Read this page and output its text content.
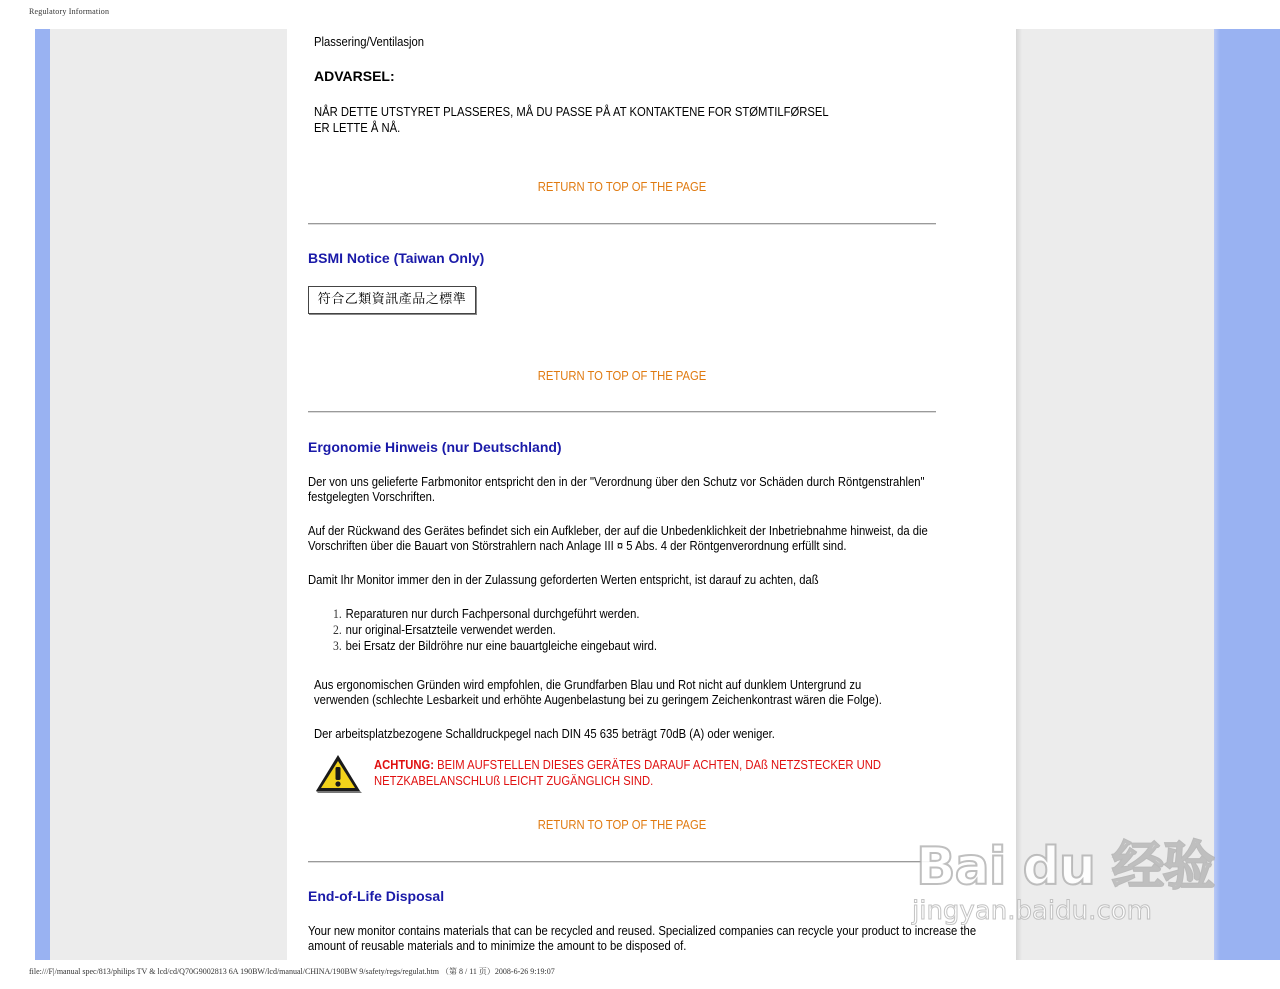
Regulatory Information
Plassering/Ventilasjon
ADVARSEL:
NÅR DETTE UTSTYRET PLASSERES, MÅ DU PASSE PÅ AT KONTAKTENE FOR STØMTILFØRSEL
ER LETTE Å NÅ.
RETURN TO TOP OF THE PAGE
BSMI Notice (Taiwan Only)
符合乙類資訊產品之標準
RETURN TO TOP OF THE PAGE
Ergonomie Hinweis (nur Deutschland)
Der von uns gelieferte Farbmonitor entspricht den in der "Verordnung über den Schutz vor Schäden durch Röntgenstrahlen"
festgelegten Vorschriften.
Auf der Rückwand des Gerätes befindet sich ein Aufkleber, der auf die Unbedenklichkeit der Inbetriebnahme hinweist, da die
Vorschriften über die Bauart von Störstrahlern nach Anlage III ¤ 5 Abs. 4 der Röntgenverordnung erfüllt sind.
Damit Ihr Monitor immer den in der Zulassung geforderten Werten entspricht, ist darauf zu achten, daß
1. Reparaturen nur durch Fachpersonal durchgeführt werden.
2. nur original-Ersatzteile verwendet werden.
3. bei Ersatz der Bildröhre nur eine bauartgleiche eingebaut wird.
Aus ergonomischen Gründen wird empfohlen, die Grundfarben Blau und Rot nicht auf dunklem Untergrund zu
verwenden (schlechte Lesbarkeit und erhöhte Augenbelastung bei zu geringem Zeichenkontrast wären die Folge).
Der arbeitsplatzbezogene Schalldruckpegel nach DIN 45 635 beträgt 70dB (A) oder weniger.
ACHTUNG: BEIM AUFSTELLEN DIESES GERÄTES DARAUF ACHTEN, DAß NETZSTECKER UND
NETZKABELANSCHLUß LEICHT ZUGÄNGLICH SIND.
RETURN TO TOP OF THE PAGE
End-of-Life Disposal
Your new monitor contains materials that can be recycled and reused. Specialized companies can recycle your product to increase the
amount of reusable materials and to minimize the amount to be disposed of.
file:///F|/manual spec/813/philips TV & lcd/cd/Q70G9002813 6A 190BW/lcd/manual/CHINA/190BW 9/safety/regs/regulat.htm （第 8 / 11 页）2008-6-26 9:19:07
Bai du 经验
jingyan.baidu.com
